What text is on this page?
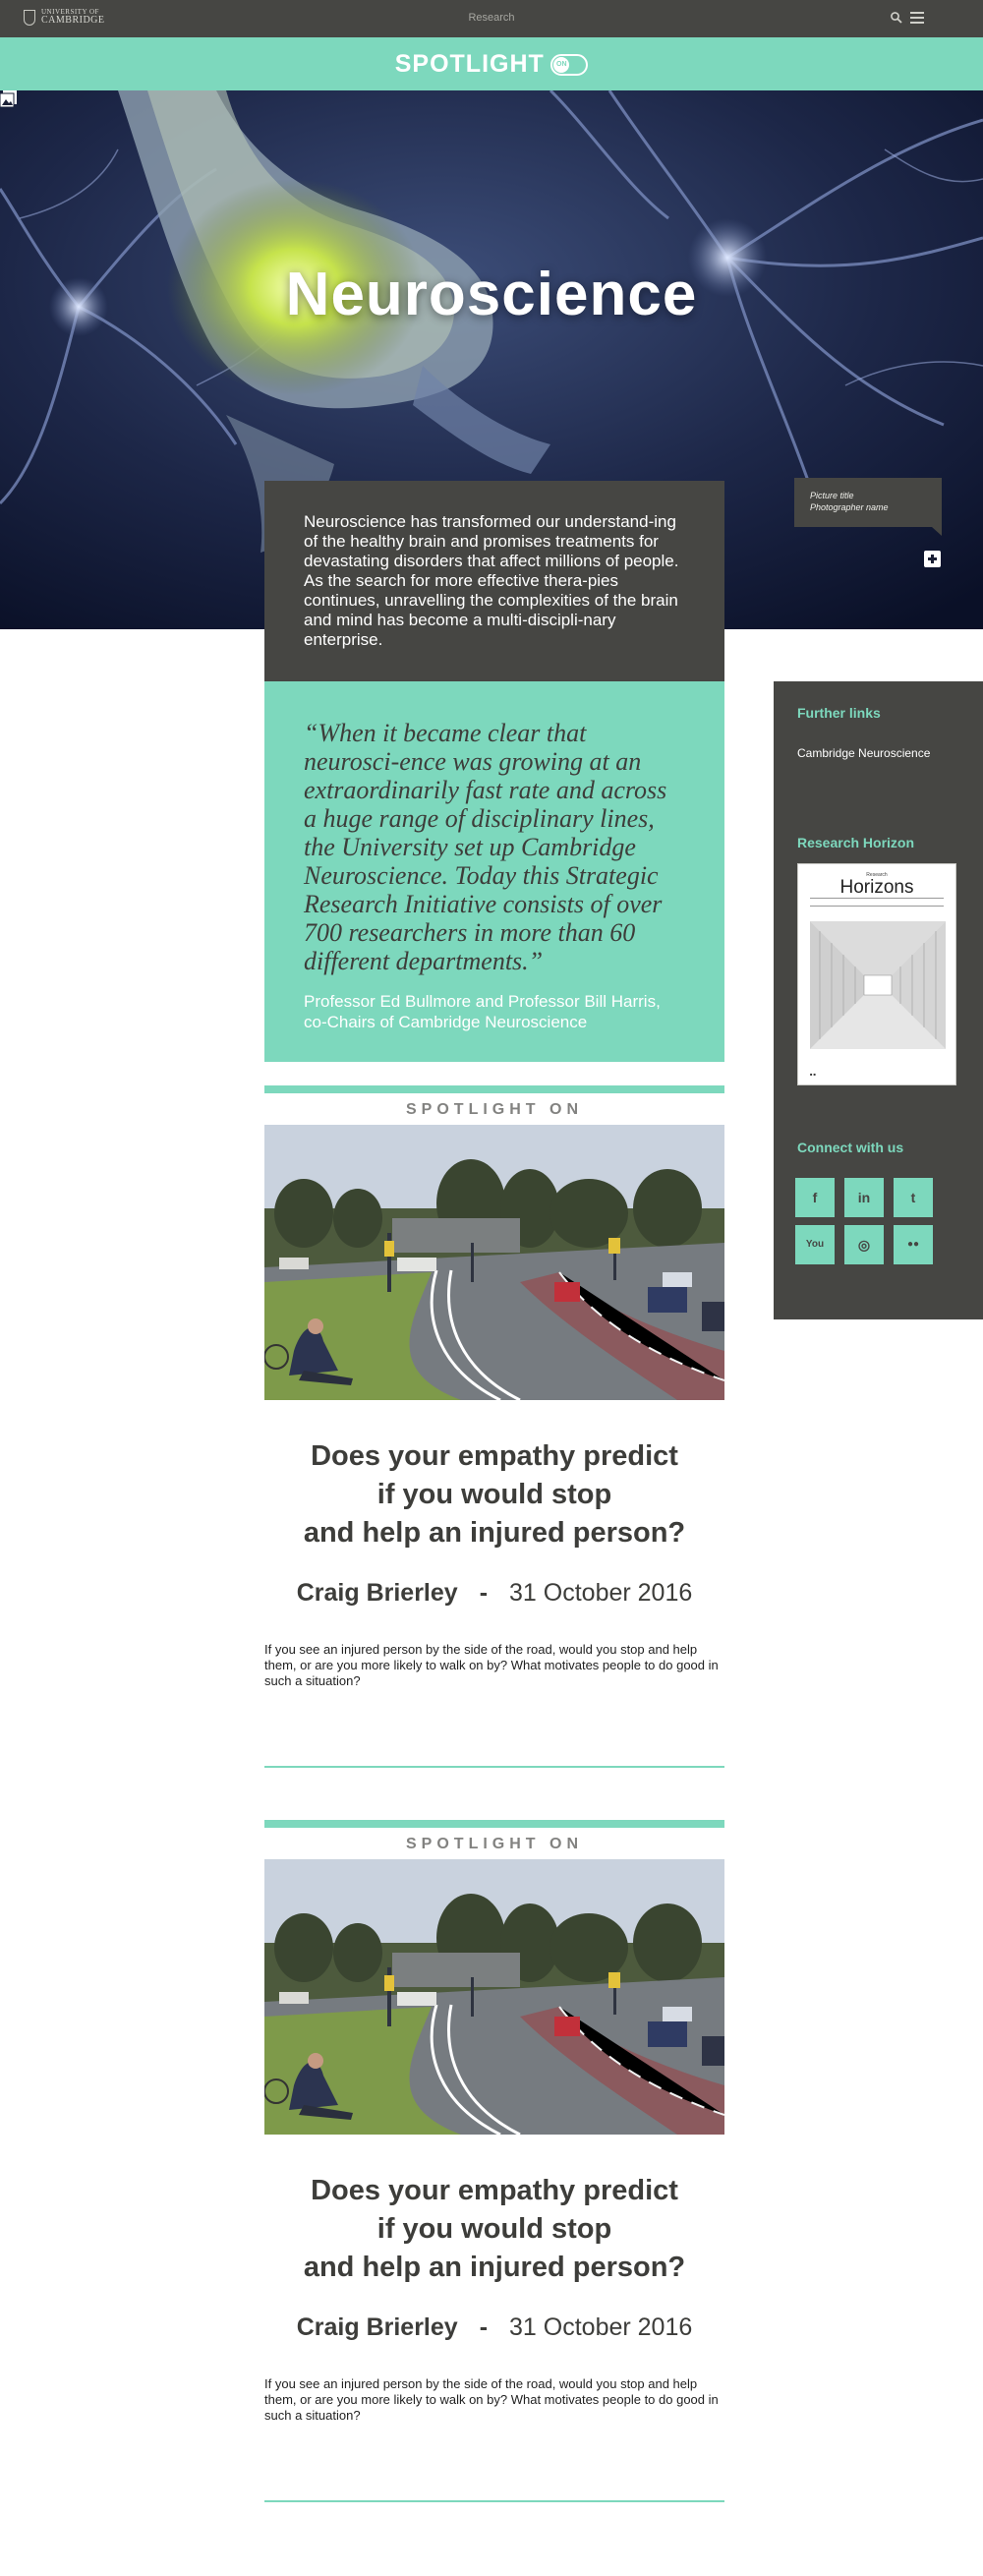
UNIVERSITY OF
CAMBRIDGE	Research
SPOTLIGHT	ON
Neuroscience
Picture title
Photographer name
Neuroscience has transformed our understand-ing of the healthy brain and promises treatments for devastating disorders that affect millions of people. As the search for more effective thera-pies continues, unravelling the complexities of the brain and mind has become a multi-discipli-nary enterprise.
“When it became clear that neurosci-ence was growing at an extraordinarily fast rate and across a huge range of disciplinary lines, the University set up Cambridge Neuroscience. Today this Strategic Research Initiative consists of over 700 researchers in more than 60 different departments.”
Professor Ed Bullmore and Professor Bill Harris, co-Chairs of Cambridge Neuroscience
Further links
Cambridge Neuroscience
Research Horizon
Research
Horizons

■ ■
Connect with us
f	in	t
You	◎	●●
SPOTLIGHT ON
Does your empathy predict
if you would stop
and help an injured person?
Craig Brierley - 31 October 2016
If you see an injured person by the side of the road, would you stop and help them, or are you more likely to walk on by? What motivates people to do good in such a situation?
SPOTLIGHT ON
Does your empathy predict
if you would stop
and help an injured person?
Craig Brierley - 31 October 2016
If you see an injured person by the side of the road, would you stop and help them, or are you more likely to walk on by? What motivates people to do good in such a situation?
